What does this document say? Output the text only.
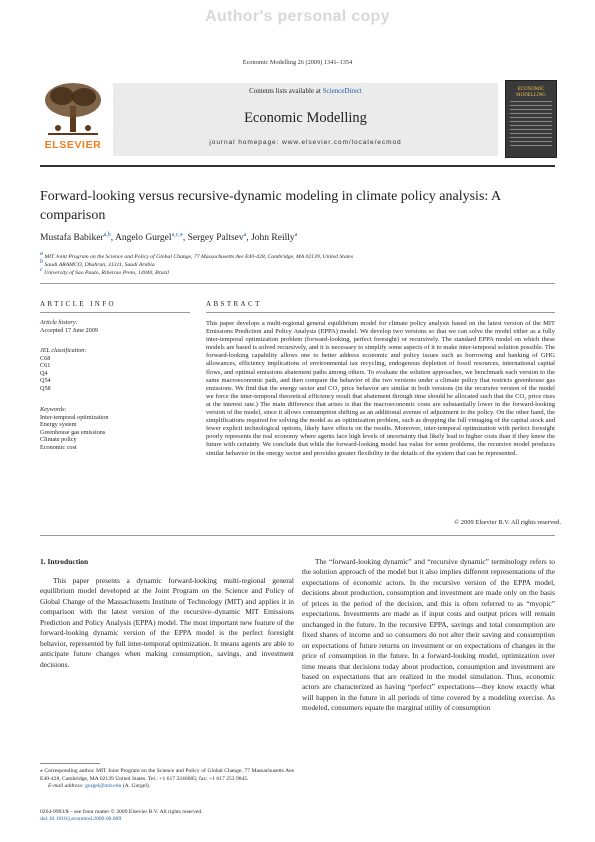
Author's personal copy
Economic Modelling 26 (2009) 1341–1354
ELSEVIER
Contents lists available at ScienceDirect
Economic Modelling
journal homepage: www.elsevier.com/locate/ecmod
ECONOMIC MODELLING
Forward-looking versus recursive-dynamic modeling in climate policy analysis: A comparison
Mustafa Babiker$^{a,b}$, Angelo Gurgel$^{a,c,⁎}$, Sergey Paltsev$^a$, John Reilly$^a$
$^a$ MIT Joint Program on the Science and Policy of Global Change, 77 Massachusetts Ave E40-428, Cambridge, MA 02139, United States
$^b$ Saudi ARAMCO, Dhahran, 31311, Saudi Arabia
$^c$ University of Sao Paulo, Ribeirao Preto, 14040, Brazil
ARTICLE INFO	ABSTRACT
Article history:
Accepted 17 June 2009
JEL classification:
C68
C61
Q4
Q54
Q58
Keywords:
Inter-temporal optimization
Energy system
Greenhouse gas emissions
Climate policy
Economic cost
This paper develops a multi-regional general equilibrium model for climate policy analysis based on the latest version of the MIT Emissions Prediction and Policy Analysis (EPPA) model. We develop two versions so that we can solve the model either as a fully inter-temporal optimization problem (forward-looking, perfect foresight) or recursively. The standard EPPA model on which these models are based is solved recursively, and it is necessary to simplify some aspects of it to make inter-temporal solution possible. The forward-looking capability allows one to better address economic and policy issues such as borrowing and banking of GHG allowances, efficiency implications of environmental tax recycling, endogenous depletion of fossil resources, international capital flows, and optimal emissions abatement paths among others. To evaluate the solution approaches, we benchmark each version to the same macroeconomic path, and then compare the behavior of the two versions under a climate policy that restricts greenhouse gas emissions. We find that the energy sector and CO₂ price behavior are similar in both versions (in the recursive version of the model we force the inter-temporal theoretical efficiency result that abatement through time should be allocated such that the CO₂ price rises at the interest rate.) The main difference that arises is that the macroeconomic costs are substantially lower in the forward-looking version of the model, since it allows consumption shifting as an additional avenue of adjustment to the policy. On the other hand, the simplifications required for solving the model as an optimization problem, such as dropping the full vintaging of the capital stock and fewer explicit technological options, likely have effects on the results. Moreover, inter-temporal optimization with perfect foresight poorly represents the real economy where agents face high levels of uncertainty that likely lead to higher costs than if they knew the future with certainty. We conclude that while the forward-looking model has value for some problems, the recursive model produces similar behavior in the energy sector and provides greater flexibility in the details of the system that can be represented.
© 2009 Elsevier B.V. All rights reserved.
1. Introduction
This paper presents a dynamic forward-looking multi-regional general equilibrium model developed at the Joint Program on the Science and Policy of Global Change of the Massachusetts Institute of Technology (MIT) and applies it in comparison with the latest version of the recursive–dynamic MIT Emissions Prediction and Policy Analysis (EPPA) model. The most important new feature of the forward-looking dynamic version of the EPPA model is the perfect foresight behavior, represented by full inter-temporal optimization. It means agents are able to anticipate future changes when making consumption, savings, and investment decisions.
The “forward-looking dynamic” and “recursive dynamic” terminology refers to the solution approach of the model but it also implies different representations of the expectations of economic actors. In the recursive version of the EPPA model, decisions about production, consumption and investment are made only on the basis of prices in the period of the decision, and this is often referred to as “myopic” expectations. Investments are made as if input costs and output prices will remain unchanged in the future. In the recursive EPPA, savings and total consumption are fixed shares of income and so consumers do not alter their saving and consumption on expectations of future returns on investment or on expectations of changes in the price of consumption in the future. In a forward-looking model, optimization over time means that decisions today about production, consumption and investment are based on expectations that are realized in the model simulation. Thus, economic actors are characterized as having “perfect” expectations—they know exactly what will happen in the future in all periods of time covered by a modeling exercise. As modeled, consumers equate the marginal utility of consumption
⁎ Corresponding author. MIT Joint Program on the Science and Policy of Global Change, 77 Massachusetts Ave E40-428, Cambridge, MA 02139 United States. Tel.: +1 617 3246685; fax: +1 617 253 9845.
E-mail address: gurgel@mit.edu (A. Gurgel).
0264-9993/$ – see front matter © 2009 Elsevier B.V. All rights reserved.
doi:10.1016/j.econmod.2009.06.009
